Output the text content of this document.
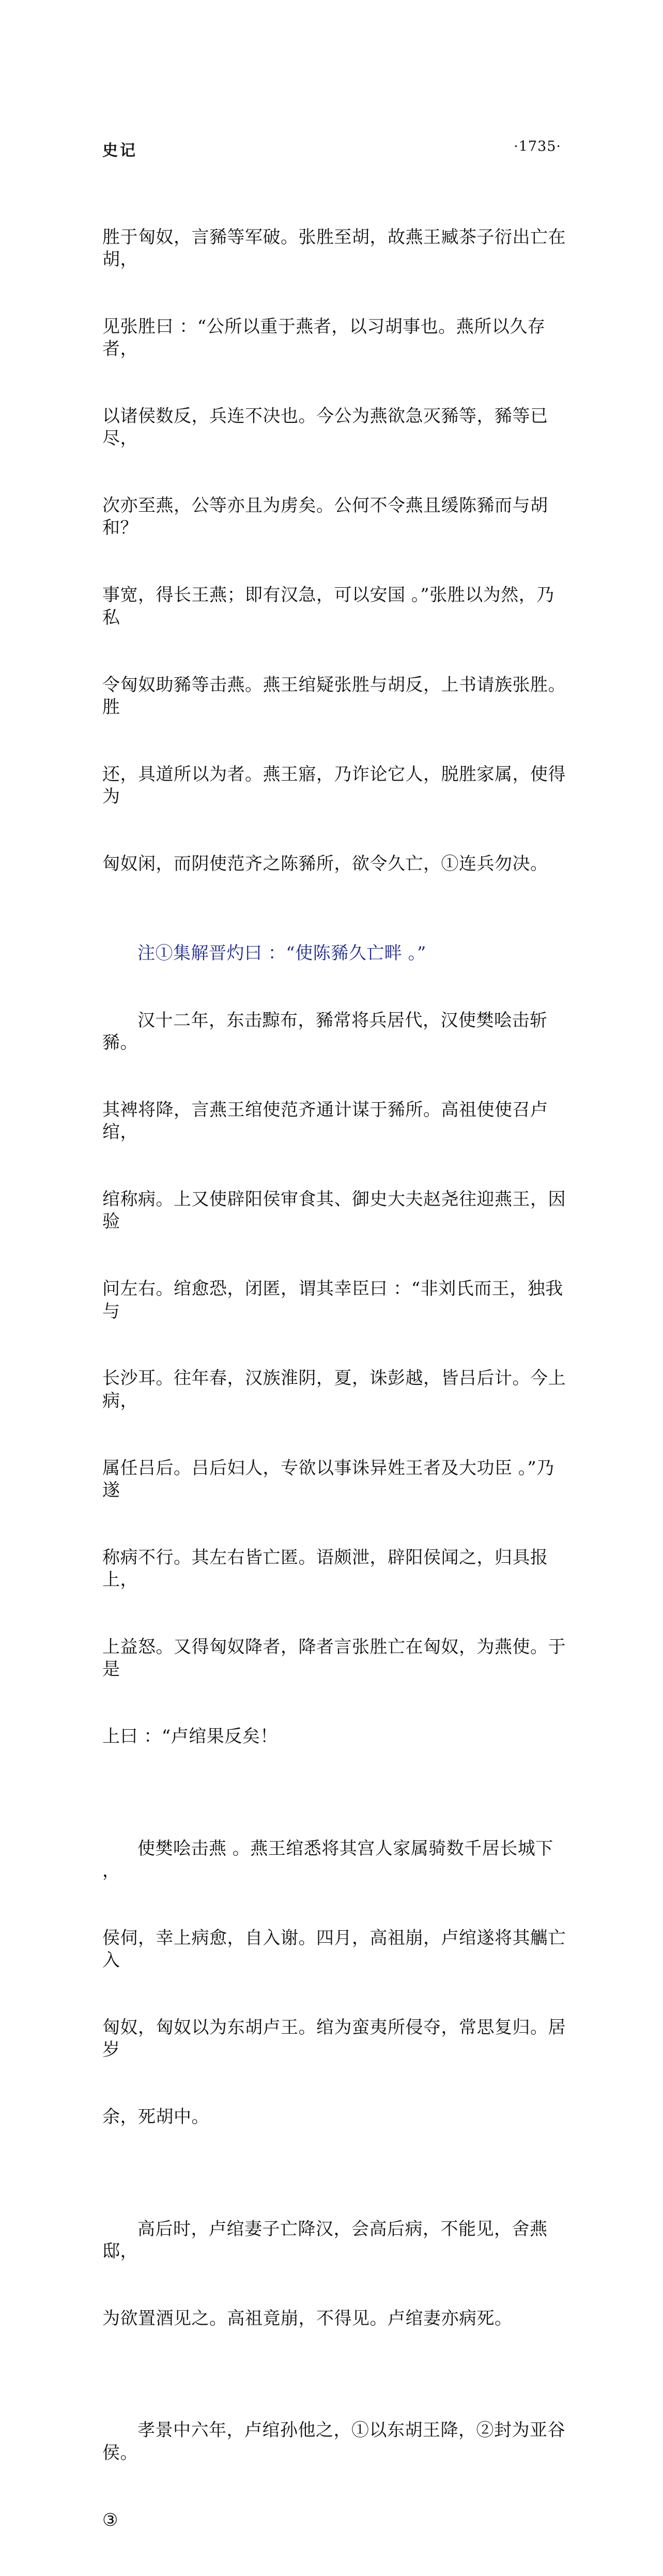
史记	·1735·

胜于匈奴，言豨等军破。张胜至胡，故燕王臧茶子衍出亡在胡，

见张胜曰 ：“公所以重于燕者，以习胡事也。燕所以久存者，

以诸侯数反，兵连不决也。今公为燕欲急灭豨等，豨等已尽，

次亦至燕，公等亦且为虏矣。公何不令燕且缓陈豨而与胡和？

事宽，得长王燕；即有汉急，可以安国 。”张胜以为然，乃私

令匈奴助豨等击燕。燕王绾疑张胜与胡反，上书请族张胜。胜

还，具道所以为者。燕王寤，乃诈论它人，脱胜家属，使得为

匈奴闲，而阴使范齐之陈豨所，欲令久亡，①连兵勿决。

注①集解晋灼曰 ：“使陈豨久亡畔 。”

汉十二年，东击黥布，豨常将兵居代，汉使樊哙击斩豨。

其裨将降，言燕王绾使范齐通计谋于豨所。高祖使使召卢绾，

绾称病。上又使辟阳侯审食其、御史大夫赵尧往迎燕王，因验

问左右。绾愈恐，闭匿，谓其幸臣曰 ：“非刘氏而王，独我与

长沙耳。往年春，汉族淮阴，夏，诛彭越，皆吕后计。今上病，

属任吕后。吕后妇人，专欲以事诛异姓王者及大功臣 。”乃遂

称病不行。其左右皆亡匿。语颇泄，辟阳侯闻之，归具报上，

上益怒。又得匈奴降者，降者言张胜亡在匈奴，为燕使。于是

上曰 ：“卢绾果反矣！

使樊哙击燕 。燕王绾悉将其宫人家属骑数千居长城下 ，

侯伺，幸上病愈，自入谢。四月，高祖崩，卢绾遂将其觽亡入

匈奴，匈奴以为东胡卢王。绾为蛮夷所侵夺，常思复归。居岁

余，死胡中。

高后时，卢绾妻子亡降汉，会高后病，不能见，舍燕邸，

为欲置酒见之。高祖竟崩，不得见。卢绾妻亦病死。

孝景中六年，卢绾孙他之，①以东胡王降，②封为亚谷侯。

③
